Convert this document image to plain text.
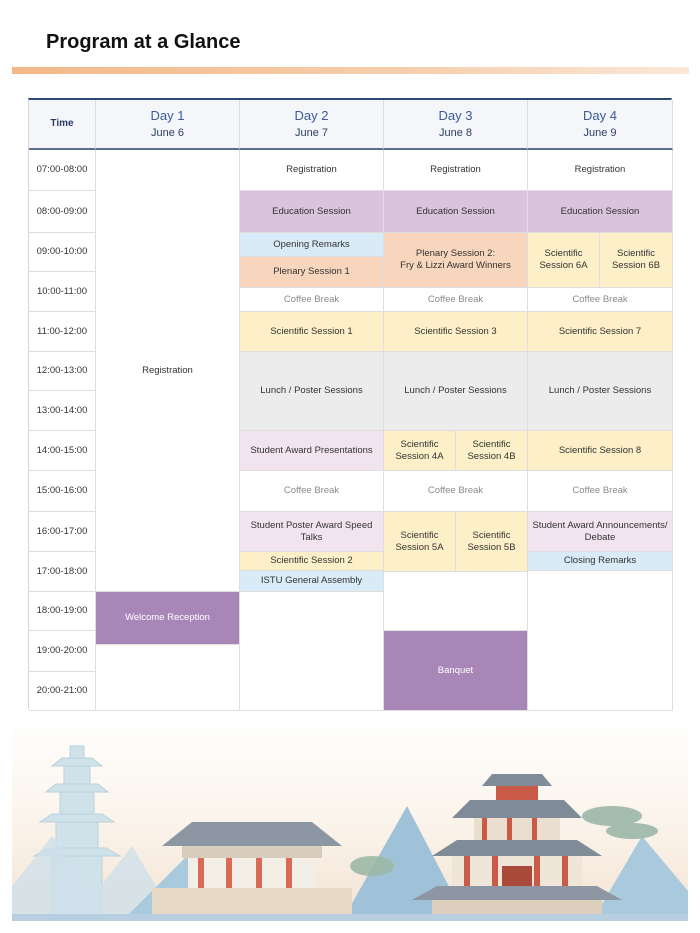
Program at a Glance
Time
Day 1
June 6
Day 2
June 7
Day 3
June 8
Day 4
June 9
07:00-08:00
08:00-09:00
09:00-10:00
10:00-11:00
11:00-12:00
12:00-13:00
13:00-14:00
14:00-15:00
15:00-16:00
16:00-17:00
17:00-18:00
18:00-19:00
19:00-20:00
20:00-21:00
Registration
Welcome Reception
Registration
Education Session
Opening Remarks
Plenary Session 1
Coffee Break
Scientific Session 1
Lunch / Poster Sessions
Student Award Presentations
Coffee Break
Student Poster Award Speed Talks
Scientific Session 2
ISTU General Assembly
Registration
Education Session
Plenary Session 2:
Fry & Lizzi Award Winners
Coffee Break
Scientific Session 3
Lunch / Poster Sessions
Scientific Session 4A
Scientific Session 4B
Coffee Break
Scientific Session 5A
Scientific Session 5B
Banquet
Registration
Education Session
Scientific Session 6A
Scientific Session 6B
Coffee Break
Scientific Session 7
Lunch / Poster Sessions
Scientific Session 8
Coffee Break
Student Award Announcements/ Debate
Closing Remarks
